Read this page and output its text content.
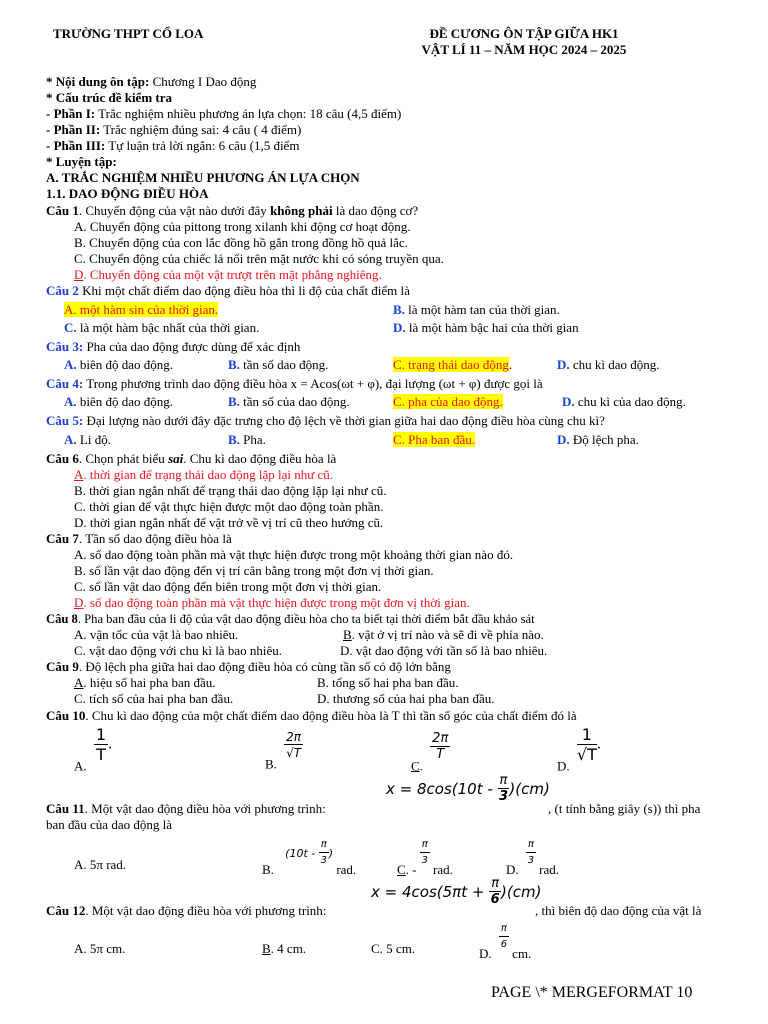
TRƯỜNG THPT CỔ LOA	ĐỀ CƯƠNG ÔN TẬP GIỮA HK1
VẬT LÍ 11 – NĂM HỌC 2024 – 2025
* Nội dung ôn tập: Chương I Dao động
* Cấu trúc đề kiểm tra
- Phần I: Trắc nghiệm nhiều phương án lựa chọn: 18 câu (4,5 điểm)
- Phần II: Trắc nghiệm đúng sai: 4 câu ( 4 điểm)
- Phần III: Tự luận trả lời ngắn: 6 câu (1,5 điểm
* Luyện tập:
A. TRẮC NGHIỆM NHIỀU PHƯƠNG ÁN LỰA CHỌN
1.1. DAO ĐỘNG ĐIỀU HÒA
Câu 1. Chuyển động của vật nào dưới đây không phải là dao động cơ?
A. Chuyển động của pittong trong xilanh khi động cơ hoạt động.
B. Chuyển động của con lắc đồng hồ gắn trong đồng hồ quả lắc.
C. Chuyển động của chiếc lá nổi trên mặt nước khi có sóng truyền qua.
D. Chuyển động của một vật trượt trên mặt phẳng nghiêng.
Câu 2 Khi một chất điểm dao động điều hòa thì li độ của chất điểm là
A. một hàm sin của thời gian.	B. là một hàm tan của thời gian.
C. là một hàm bậc nhất của thời gian.	D. là một hàm bậc hai của thời gian
Câu 3: Pha của dao động được dùng để xác định
A. biên độ dao động.	B. tần số dao động.	C. trạng thái dao động.	D. chu kì dao động.
Câu 4: Trong phương trình dao động điều hòa x = Acos(ωt + φ), đại lượng (ωt + φ) được gọi là
A. biên độ dao động.	B. tần số của dao động.	C. pha của dao động.	D. chu kì của dao động.
Câu 5: Đại lượng nào dưới đây đặc trưng cho độ lệch về thời gian giữa hai dao động điều hòa cùng chu kì?
A. Li độ.	B. Pha.	C. Pha ban đầu.	D. Độ lệch pha.
Câu 6. Chọn phát biểu sai. Chu kì dao động điều hòa là
A. thời gian để trạng thái dao động lặp lại như cũ.
B. thời gian ngắn nhất để trạng thái dao động lặp lại như cũ.
C. thời gian để vật thực hiện được một dao động toàn phần.
D. thời gian ngắn nhất để vật trở về vị trí cũ theo hướng cũ.
Câu 7. Tần số dao động điều hòa là
A. số dao động toàn phần mà vật thực hiện được trong một khoảng thời gian nào đó.
B. số lần vật dao động đến vị trí cân bằng trong một đơn vị thời gian.
C. số lần vật dao động đến biên trong một đơn vị thời gian.
D. số dao động toàn phần mà vật thực hiện được trong một đơn vị thời gian.
Câu 8. Pha ban đầu của li độ của vật dao động điều hòa cho ta biết tại thời điểm bắt đầu khảo sát
A. vận tốc của vật là bao nhiêu.	B. vật ở vị trí nào và sẽ đi về phía nào.
C. vật dao động với chu kì là bao nhiêu.	D. vật dao động với tần số là bao nhiêu.
Câu 9. Độ lệch pha giữa hai dao động điều hòa có cùng tần số có độ lớn bằng
A. hiệu số hai pha ban đầu.	B. tổng số hai pha ban đầu.
C. tích số của hai pha ban đầu.	D. thương số của hai pha ban đầu.
Câu 10. Chu kì dao động của một chất điểm dao động điều hòa là T thì tần số góc của chất điểm đó là
A.
$\frac{1}{T}$ .
B.
$\frac{2\pi}{√T}$
C.
$\frac{2\pi}{T}$
D.
$\frac{1}{√T}$ .
$x = 8\cos(10t - \frac{\pi}{3} )(cm)$
Câu 11. Một vật dao động điều hòa với phương trình:	, (t tính bằng giây (s)) thì pha
ban đầu của dao động là
A. 5π rad.	B. ($10t - \frac{\pi}{3}$ ) rad.	C. -
$\frac{\pi}{3}$
rad.	D.
$\frac{\pi}{3}$
rad.
$x = 4\cos(5\pi t + \frac{\pi}{6} )(cm)$
Câu 12. Một vật dao động điều hòa với phương trình:	, thì biên độ dao động của vật là
A. 5π cm.	B. 4 cm.	C. 5 cm.	D.
$\frac{\pi}{6}$
cm.
PAGE \* MERGEFORMAT 10
